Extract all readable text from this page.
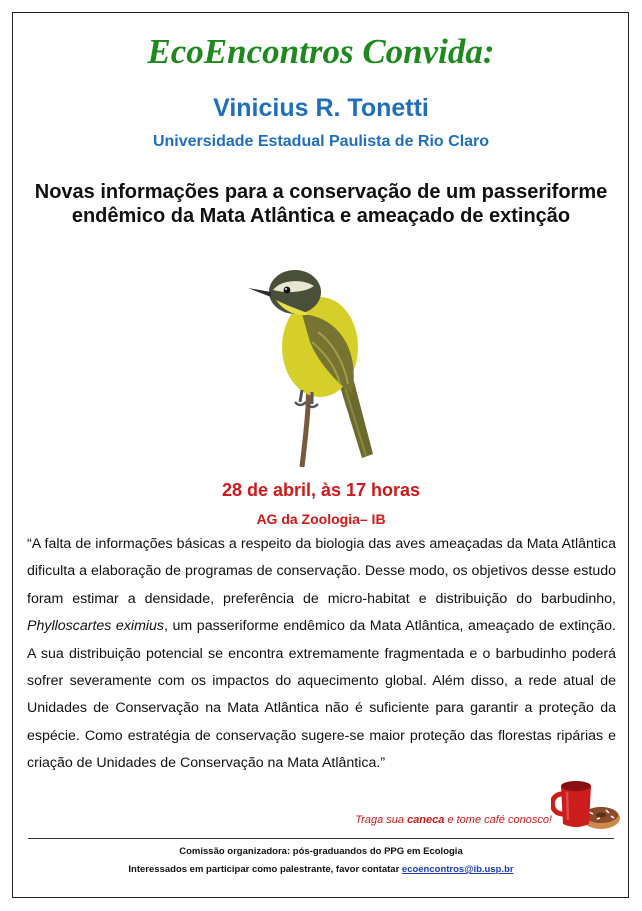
EcoEncontros Convida:
Vinicius R. Tonetti
Universidade Estadual Paulista de Rio Claro
Novas informações para a conservação de um passeriforme endêmico da Mata Atlântica e ameaçado de extinção
28 de abril, às 17 horas
AG da Zoologia– IB

“A falta de informações básicas a respeito da biologia das aves ameaçadas da Mata Atlântica dificulta a elaboração de programas de conservação. Desse modo, os objetivos desse estudo foram estimar a densidade, preferência de micro-habitat e distribuição do barbudinho, Phylloscartes eximius, um passeriforme endêmico da Mata Atlântica, ameaçado de extinção. A sua distribuição potencial se encontra extremamente fragmentada e o barbudinho poderá sofrer severamente com os impactos do aquecimento global. Além disso, a rede atual de Unidades de Conservação na Mata Atlântica não é suficiente para garantir a proteção da espécie. Como estratégia de conservação sugere-se maior proteção das florestas ripárias e criação de Unidades de Conservação na Mata Atlântica.”

Traga sua caneca e tome café conosco!
Comissão organizadora: pós-graduandos do PPG em Ecologia
Interessados em participar como palestrante, favor contatar ecoencontros@ib.usp.br
